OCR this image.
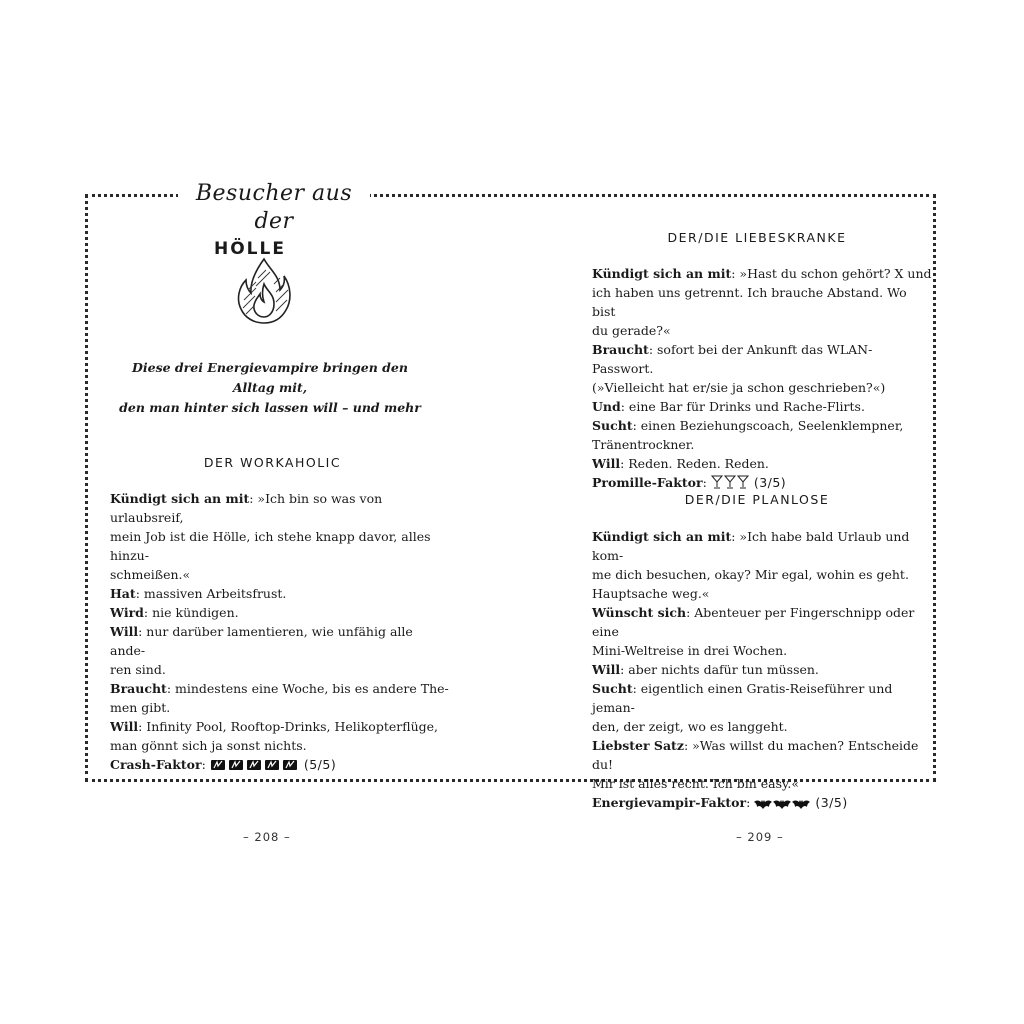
Besucher aus der
HÖLLE
Diese drei Energievampire bringen den Alltag mit,
den man hinter sich lassen will – und mehr
DER WORKAHOLIC
Kündigt sich an mit: »Ich bin so was von urlaubsreif,
mein Job ist die Hölle, ich stehe knapp davor, alles hinzu-
schmeißen.«
Hat: massiven Arbeitsfrust.
Wird: nie kündigen.
Will: nur darüber lamentieren, wie unfähig alle ande-
ren sind.
Braucht: mindestens eine Woche, bis es andere The-
men gibt.
Will: Infinity Pool, Rooftop-Drinks, Helikopterflüge,
man gönnt sich ja sonst nichts.
Crash-Faktor:	(5/5)
DER/DIE LIEBESKRANKE
Kündigt sich an mit: »Hast du schon gehört? X und
ich haben uns getrennt. Ich brauche Abstand. Wo bist
du gerade?«
Braucht: sofort bei der Ankunft das WLAN-Passwort.
(»Vielleicht hat er/sie ja schon geschrieben?«)
Und: eine Bar für Drinks und Rache-Flirts.
Sucht: einen Beziehungscoach, Seelenklempner,
Tränentrockner.
Will: Reden. Reden. Reden.
Promille-Faktor:	(3/5)
DER/DIE PLANLOSE
Kündigt sich an mit: »Ich habe bald Urlaub und kom-
me dich besuchen, okay? Mir egal, wohin es geht.
Hauptsache weg.«
Wünscht sich: Abenteuer per Fingerschnipp oder eine
Mini-Weltreise in drei Wochen.
Will: aber nichts dafür tun müssen.
Sucht: eigentlich einen Gratis-Reiseführer und jeman-
den, der zeigt, wo es langgeht.
Liebster Satz: »Was willst du machen? Entscheide du!
Mir ist alles recht. Ich bin easy.«
Energievampir-Faktor:	(3/5)
– 208 –	– 209 –
